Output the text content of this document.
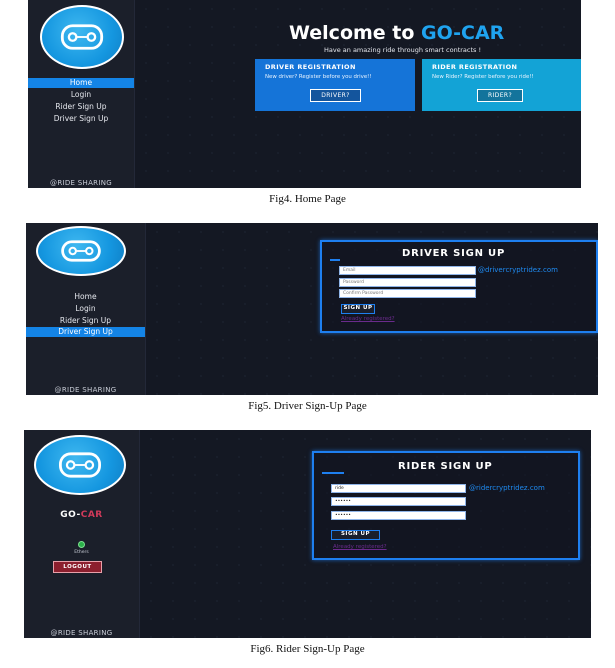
Home
Login
Rider Sign Up
Driver Sign Up
@RIDE SHARING
Welcome to GO-CAR
Have an amazing ride through smart contracts !
DRIVER REGISTRATION

New driver? Register before you drive!!

DRIVER?
RIDER REGISTRATION

New Rider? Register before you ride!!

RIDER?
Fig4. Home Page
Home
Login
Rider Sign Up
Driver Sign Up
@RIDE SHARING
DRIVER SIGN UP
Email	@drivercryptridez.com
Password
Confirm Password
SIGN UP
Already registered?
Fig5. Driver Sign-Up Page
GO-CAR
Ethers
LOGOUT
@RIDE SHARING
RIDER SIGN UP
ride	@ridercryptridez.com
••••••
••••••
SIGN UP
Already registered?
Fig6. Rider Sign-Up Page
